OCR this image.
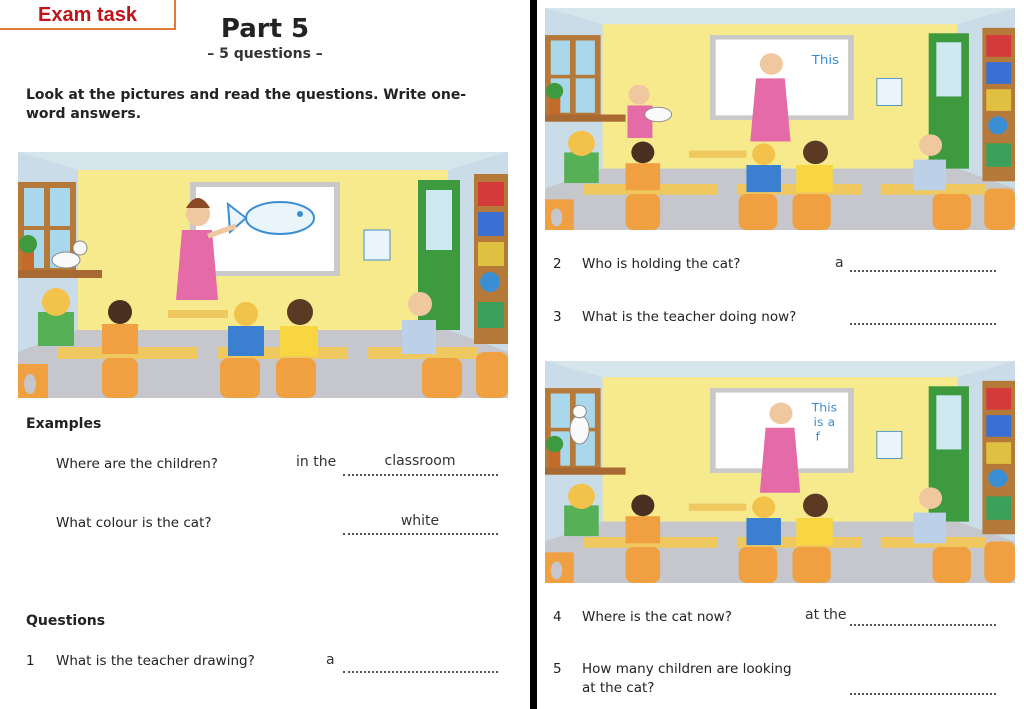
Exam task	Part 5
– 5 questions –
Look at the pictures and read the questions. Write one-word answers.
Examples
Where are the children?	in the	classroom
What colour is the cat?	white
Questions
1 What is the teacher drawing?	a
This
2 Who is holding the cat?	a
3 What is the teacher doing now?
This
is a
f
4 Where is the cat now?	at the
5 How many children are looking
at the cat?
